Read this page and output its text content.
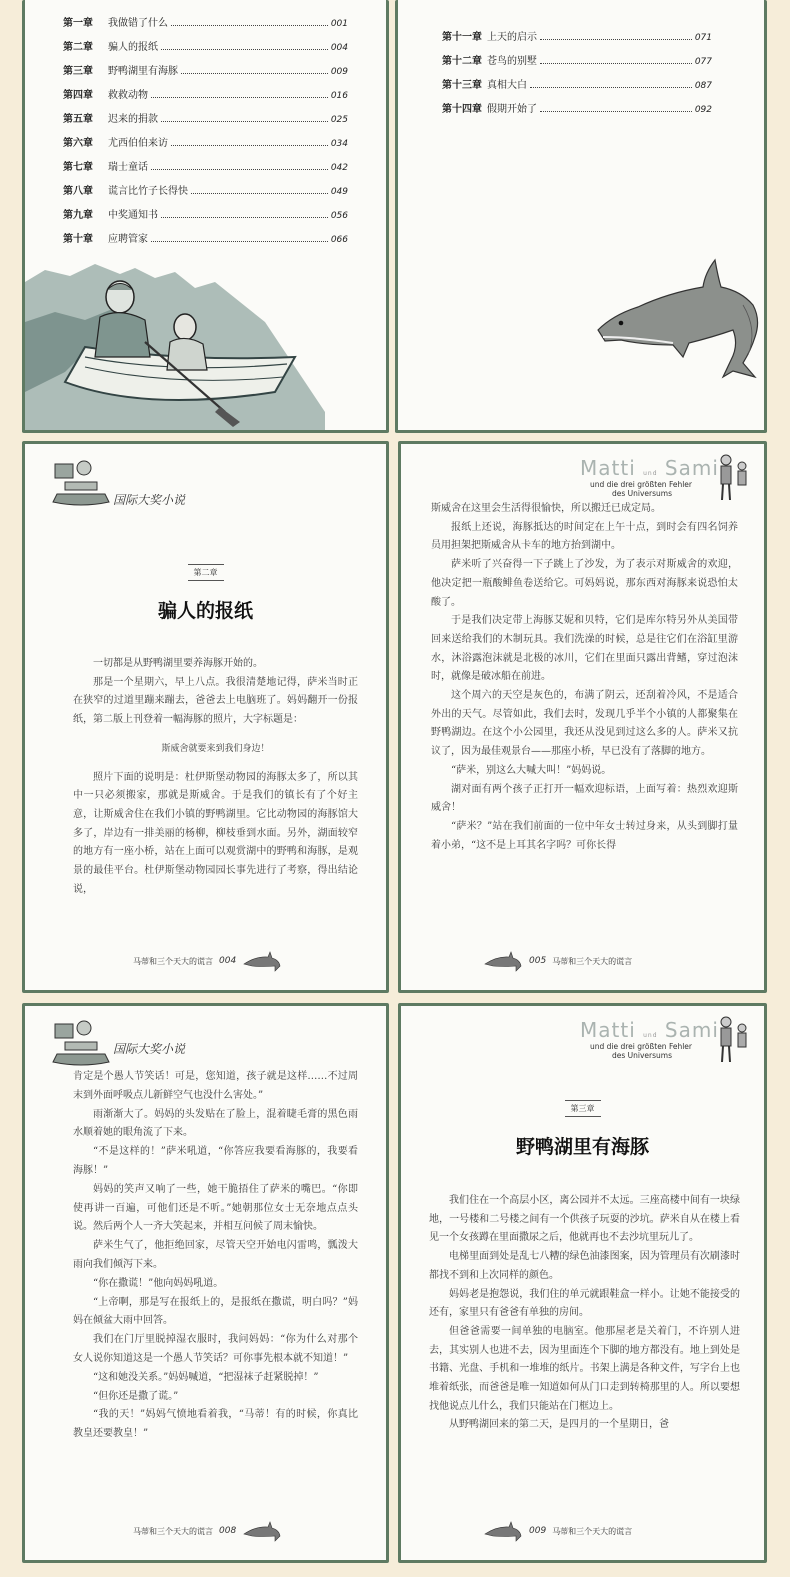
第一章	我做错了什么	001
第二章	骗人的报纸	004
第三章	野鸭湖里有海豚	009
第四章	救救动物	016
第五章	迟来的捐款	025
第六章	尤西伯伯来访	034
第七章	瑞士童话	042
第八章	谎言比竹子长得快	049
第九章	中奖通知书	056
第十章	应聘管家	066
第十一章 上天的启示	071
第十二章 苍鸟的别墅	077
第十三章 真相大白	087
第十四章 假期开始了	092
国际大奖小说
第二章
骗人的报纸

一切都是从野鸭湖里要养海豚开始的。

那是一个星期六，早上八点。我很清楚地记得，萨米当时正在狭窄的过道里蹦来蹦去，爸爸去上电脑班了。妈妈翻开一份报纸，第二版上刊登着一幅海豚的照片，大字标题是：

斯威舍就要来到我们身边！

照片下面的说明是：杜伊斯堡动物园的海豚太多了，所以其中一只必须搬家，那就是斯威舍。于是我们的镇长有了个好主意，让斯威舍住在我们小镇的野鸭湖里。它比动物园的海豚馆大多了，岸边有一排美丽的杨柳，柳枝垂到水面。另外，湖面较窄的地方有一座小桥，站在上面可以观赏湖中的野鸭和海豚，是观景的最佳平台。杜伊斯堡动物园园长事先进行了考察，得出结论说，

马蒂和三个天大的谎言 004
Matti und Sami
und die drei größten Fehler
des Universums

斯威舍在这里会生活得很愉快，所以搬迁已成定局。

报纸上还说，海豚抵达的时间定在上午十点，到时会有四名饲养员用担架把斯威舍从卡车的地方抬到湖中。

萨米听了兴奋得一下子跳上了沙发，为了表示对斯威舍的欢迎，他决定把一瓶酸鲱鱼卷送给它。可妈妈说，那东西对海豚来说恐怕太酸了。

于是我们决定带上海豚艾妮和贝特，它们是库尔特另外从美国带回来送给我们的木制玩具。我们洗澡的时候，总是往它们在浴缸里游水，沐浴露泡沫就是北极的冰川，它们在里面只露出背鳍，穿过泡沫时，就像是破冰船在前进。

这个周六的天空是灰色的，布满了阴云，还刮着冷风，不是适合外出的天气。尽管如此，我们去时，发现几乎半个小镇的人都聚集在野鸭湖边。在这个小公园里，我还从没见到过这么多的人。萨米又抗议了，因为最佳观景台——那座小桥，早已没有了落脚的地方。

“萨米，别这么大喊大叫！”妈妈说。

湖对面有两个孩子正打开一幅欢迎标语，上面写着：热烈欢迎斯威舍！

“萨米？”站在我们前面的一位中年女士转过身来，从头到脚打量着小弟，“这不是上耳其名字吗？可你长得

005 马蒂和三个天大的谎言
国际大奖小说

肯定是个愚人节笑话！可是，您知道，孩子就是这样……不过周末到外面呼吸点儿新鲜空气也没什么害处。”

雨渐渐大了。妈妈的头发贴在了脸上，混着睫毛膏的黑色雨水顺着她的眼角流了下来。

“不是这样的！”萨米吼道，“你答应我要看海豚的，我要看海豚！”

妈妈的笑声又响了一些，她干脆捂住了萨米的嘴巴。“你即使再讲一百遍，可他们还是不听。”她朝那位女士无奈地点点头说。然后两个人一齐大笑起来，并相互问候了周末愉快。

萨米生气了，他拒绝回家，尽管天空开始电闪雷鸣，瓢泼大雨向我们倾泻下来。

“你在撒谎！”他向妈妈吼道。

“上帝啊，那是写在报纸上的，是报纸在撒谎，明白吗？”妈妈在倾盆大雨中回答。

我们在门厅里脱掉湿衣服时，我问妈妈：“你为什么对那个女人说你知道这是一个愚人节笑话？可你事先根本就不知道！”

“这和她没关系。”妈妈喊道，“把湿袜子赶紧脱掉！”

“但你还是撒了谎。”

“我的天！”妈妈气愤地看着我，“马蒂！有的时候，你真比教皇还要教皇！”

马蒂和三个天大的谎言 008
Matti und Sami
und die drei größten Fehler
des Universums
第三章
野鸭湖里有海豚

我们住在一个高层小区，离公园并不太远。三座高楼中间有一块绿地，一号楼和二号楼之间有一个供孩子玩耍的沙坑。萨米自从在楼上看见一个女孩蹲在里面撒尿之后，他就再也不去沙坑里玩儿了。

电梯里面到处是乱七八糟的绿色油漆图案，因为管理员有次刷漆时都找不到和上次同样的颜色。

妈妈老是抱怨说，我们住的单元就跟鞋盒一样小。让她不能接受的还有，家里只有爸爸有单独的房间。

但爸爸需要一间单独的电脑室。他那屋老是关着门，不许别人进去，其实别人也进不去，因为里面连个下脚的地方都没有。地上到处是书籍、光盘、手机和一堆堆的纸片。书架上满是各种文件，写字台上也堆着纸张，而爸爸是唯一知道如何从门口走到转椅那里的人。所以要想找他说点儿什么，我们只能站在门框边上。

从野鸭湖回来的第二天，是四月的一个星期日，爸

009 马蒂和三个天大的谎言
